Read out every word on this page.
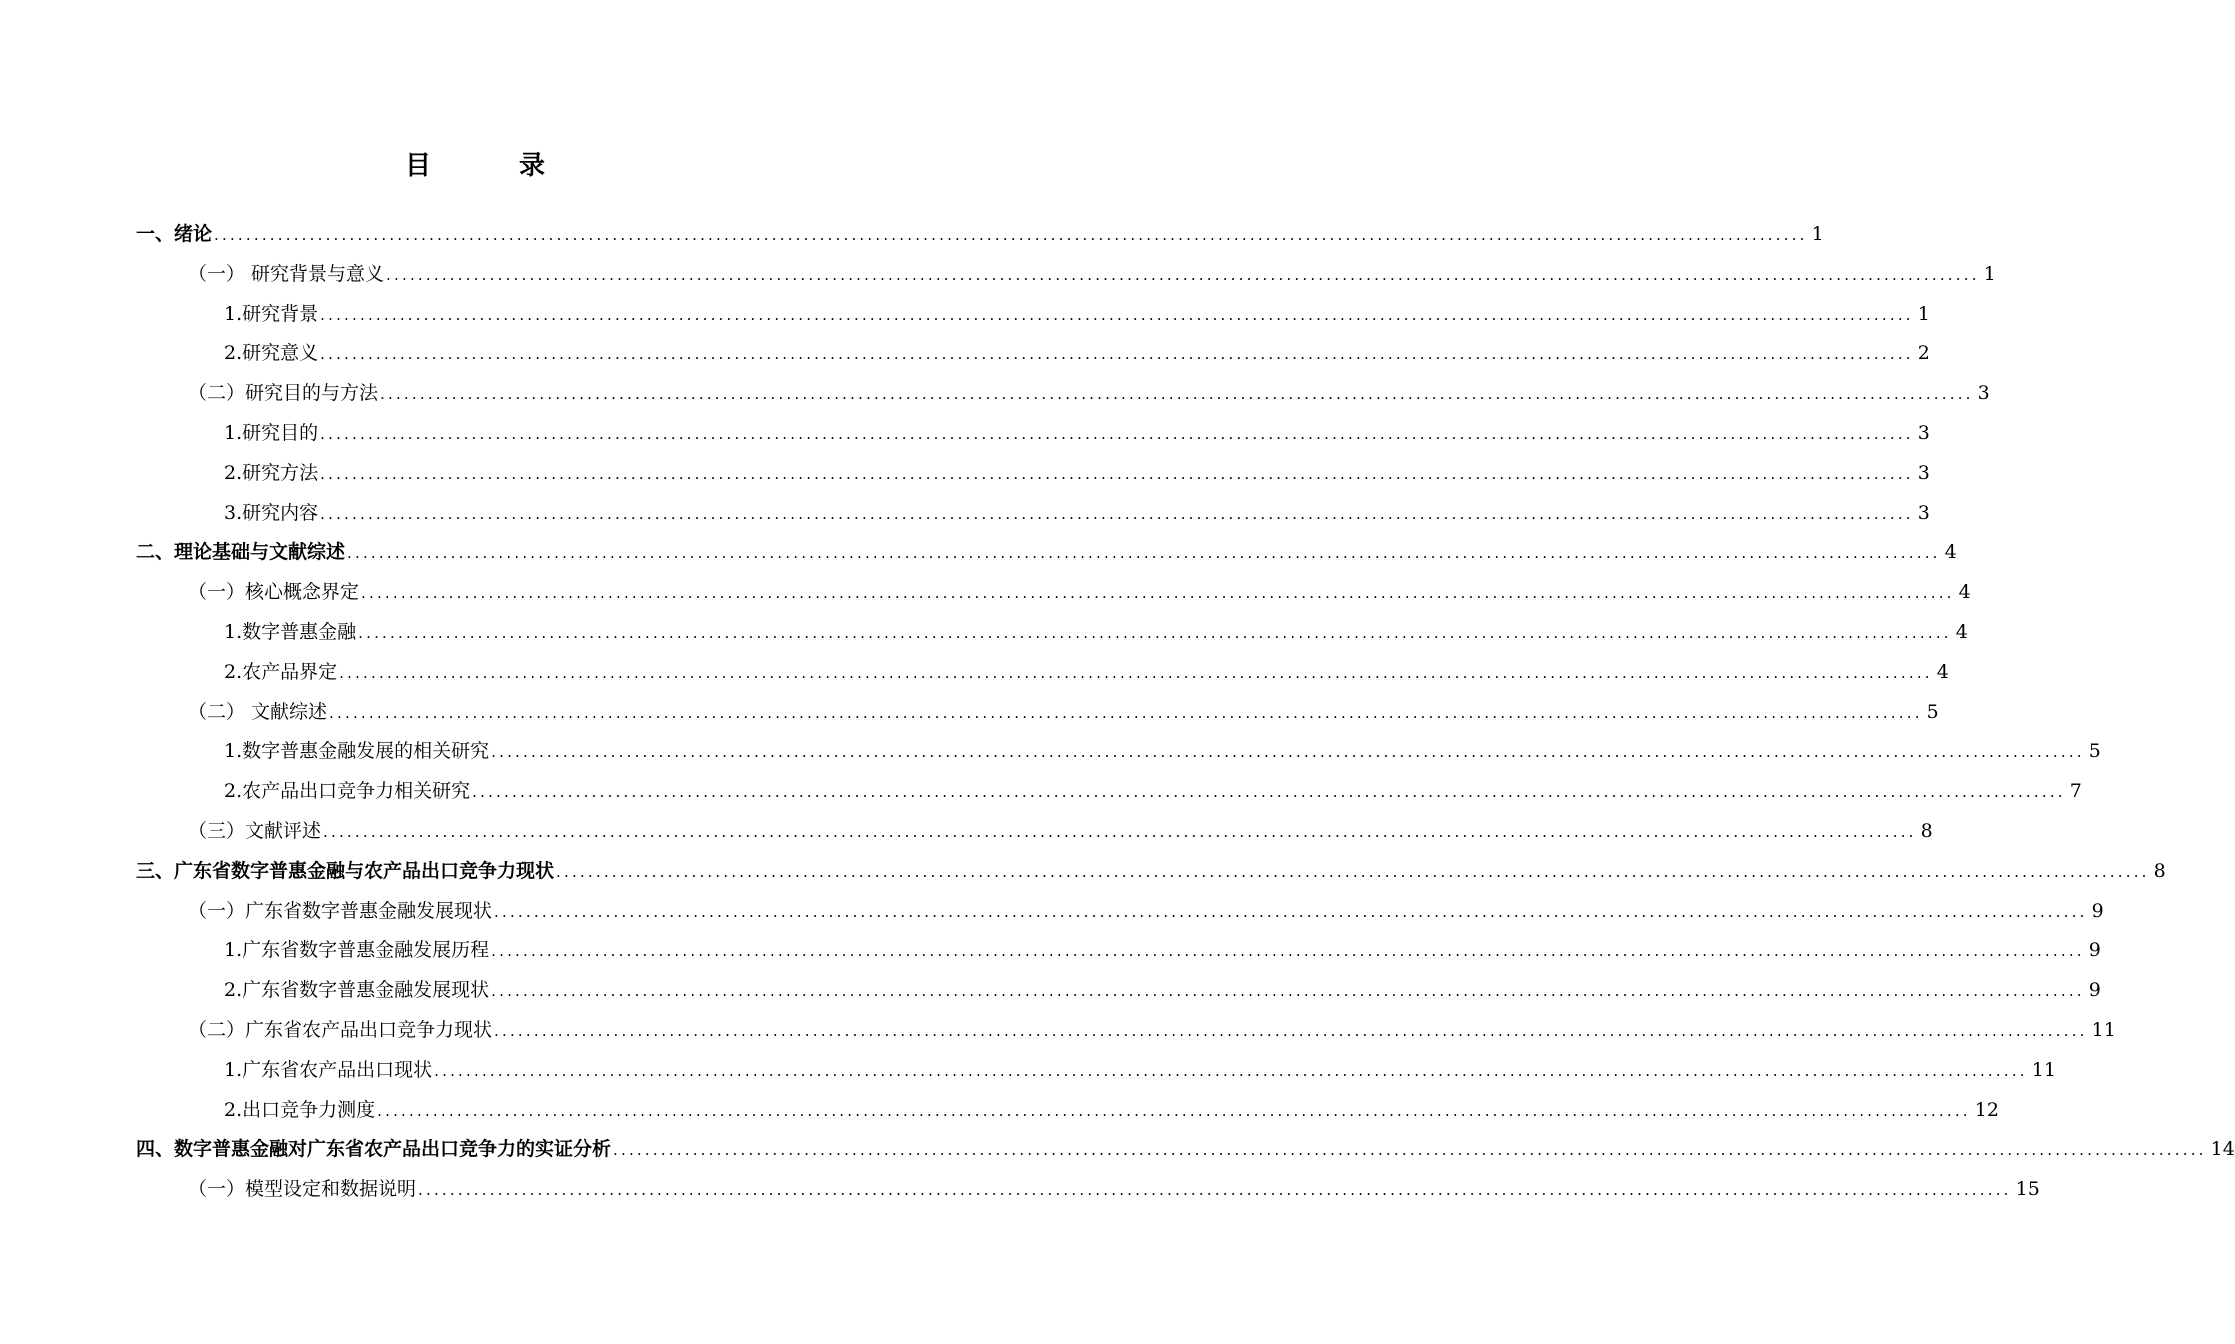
目	录
一、绪论 ........................................................................................................................................................................................................ 1
（一） 研究背景与意义 ........................................................................................................................................................................................................ 1
1.研究背景 ........................................................................................................................................................................................................ 1
2.研究意义 ........................................................................................................................................................................................................ 2
（二）研究目的与方法 ........................................................................................................................................................................................................ 3
1.研究目的 ........................................................................................................................................................................................................ 3
2.研究方法 ........................................................................................................................................................................................................ 3
3.研究内容 ........................................................................................................................................................................................................ 3
二、理论基础与文献综述 ........................................................................................................................................................................................................ 4
（一）核心概念界定 ........................................................................................................................................................................................................ 4
1.数字普惠金融 ........................................................................................................................................................................................................ 4
2.农产品界定 ........................................................................................................................................................................................................ 4
（二） 文献综述 ........................................................................................................................................................................................................ 5
1.数字普惠金融发展的相关研究 ........................................................................................................................................................................................................ 5
2.农产品出口竞争力相关研究 ........................................................................................................................................................................................................ 7
（三）文献评述 ........................................................................................................................................................................................................ 8
三、广东省数字普惠金融与农产品出口竞争力现状 ........................................................................................................................................................................................................ 8
（一）广东省数字普惠金融发展现状 ........................................................................................................................................................................................................ 9
1.广东省数字普惠金融发展历程 ........................................................................................................................................................................................................ 9
2.广东省数字普惠金融发展现状 ........................................................................................................................................................................................................ 9
（二）广东省农产品出口竞争力现状 ........................................................................................................................................................................................................ 11
1.广东省农产品出口现状 ........................................................................................................................................................................................................ 11
2.出口竞争力测度 ........................................................................................................................................................................................................ 12
四、数字普惠金融对广东省农产品出口竞争力的实证分析 ........................................................................................................................................................................................................ 14
（一）模型设定和数据说明 ........................................................................................................................................................................................................ 15
